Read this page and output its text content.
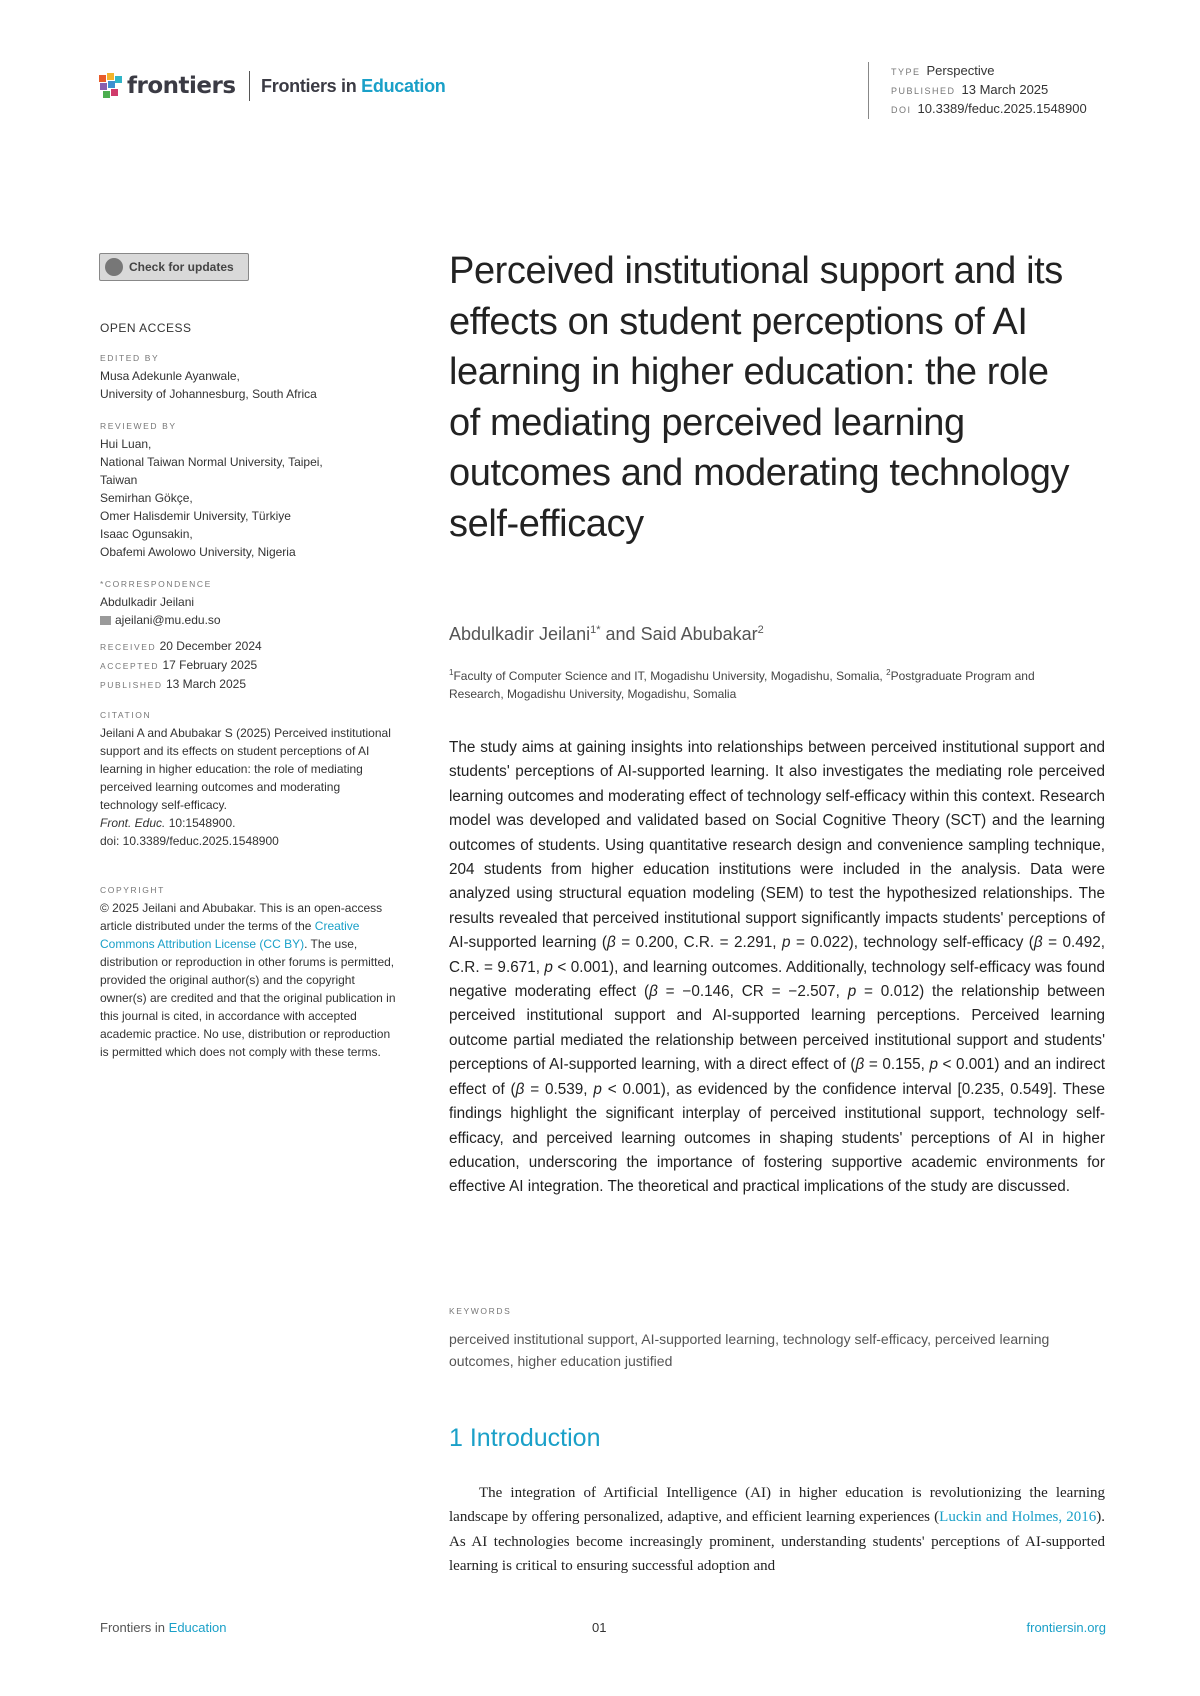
frontiers Frontiers in Education
TYPE Perspective
PUBLISHED 13 March 2025
DOI 10.3389/feduc.2025.1548900
Check for updates
OPEN ACCESS
EDITED BY
Musa Adekunle Ayanwale,
University of Johannesburg, South Africa
REVIEWED BY
Hui Luan,
National Taiwan Normal University, Taipei,
Taiwan
Semirhan Gökçe,
Omer Halisdemir University, Türkiye
Isaac Ogunsakin,
Obafemi Awolowo University, Nigeria
*CORRESPONDENCE
Abdulkadir Jeilani
ajeilani@mu.edu.so
RECEIVED 20 December 2024
ACCEPTED 17 February 2025
PUBLISHED 13 March 2025
CITATION
Jeilani A and Abubakar S (2025) Perceived institutional support and its effects on student perceptions of AI learning in higher education: the role of mediating perceived learning outcomes and moderating technology self-efficacy.
Front. Educ. 10:1548900.
doi: 10.3389/feduc.2025.1548900
COPYRIGHT
© 2025 Jeilani and Abubakar. This is an open-access article distributed under the terms of the Creative Commons Attribution License (CC BY). The use, distribution or reproduction in other forums is permitted, provided the original author(s) and the copyright owner(s) are credited and that the original publication in this journal is cited, in accordance with accepted academic practice. No use, distribution or reproduction is permitted which does not comply with these terms.
Perceived institutional support and its effects on student perceptions of AI learning in higher education: the role of mediating perceived learning outcomes and moderating technology self-efficacy
Abdulkadir Jeilani$^{1*}$ and Said Abubakar$^2$
$^1$Faculty of Computer Science and IT, Mogadishu University, Mogadishu, Somalia, $^2$Postgraduate Program and Research, Mogadishu University, Mogadishu, Somalia
The study aims at gaining insights into relationships between perceived institutional support and students' perceptions of AI-supported learning. It also investigates the mediating role perceived learning outcomes and moderating effect of technology self-efficacy within this context. Research model was developed and validated based on Social Cognitive Theory (SCT) and the learning outcomes of students. Using quantitative research design and convenience sampling technique, 204 students from higher education institutions were included in the analysis. Data were analyzed using structural equation modeling (SEM) to test the hypothesized relationships. The results revealed that perceived institutional support significantly impacts students' perceptions of AI-supported learning (β = 0.200, C.R. = 2.291, p = 0.022), technology self-efficacy (β = 0.492, C.R. = 9.671, p < 0.001), and learning outcomes. Additionally, technology self-efficacy was found negative moderating effect (β = −0.146, CR = −2.507, p = 0.012) the relationship between perceived institutional support and AI-supported learning perceptions. Perceived learning outcome partial mediated the relationship between perceived institutional support and students' perceptions of AI-supported learning, with a direct effect of (β = 0.155, p < 0.001) and an indirect effect of (β = 0.539, p < 0.001), as evidenced by the confidence interval [0.235, 0.549]. These findings highlight the significant interplay of perceived institutional support, technology self-efficacy, and perceived learning outcomes in shaping students' perceptions of AI in higher education, underscoring the importance of fostering supportive academic environments for effective AI integration. The theoretical and practical implications of the study are discussed.
KEYWORDS
perceived institutional support, AI-supported learning, technology self-efficacy, perceived learning outcomes, higher education justified
1 Introduction
The integration of Artificial Intelligence (AI) in higher education is revolutionizing the learning landscape by offering personalized, adaptive, and efficient learning experiences (Luckin and Holmes, 2016). As AI technologies become increasingly prominent, understanding students' perceptions of AI-supported learning is critical to ensuring successful adoption and
Frontiers in Education	01	frontiersin.org
